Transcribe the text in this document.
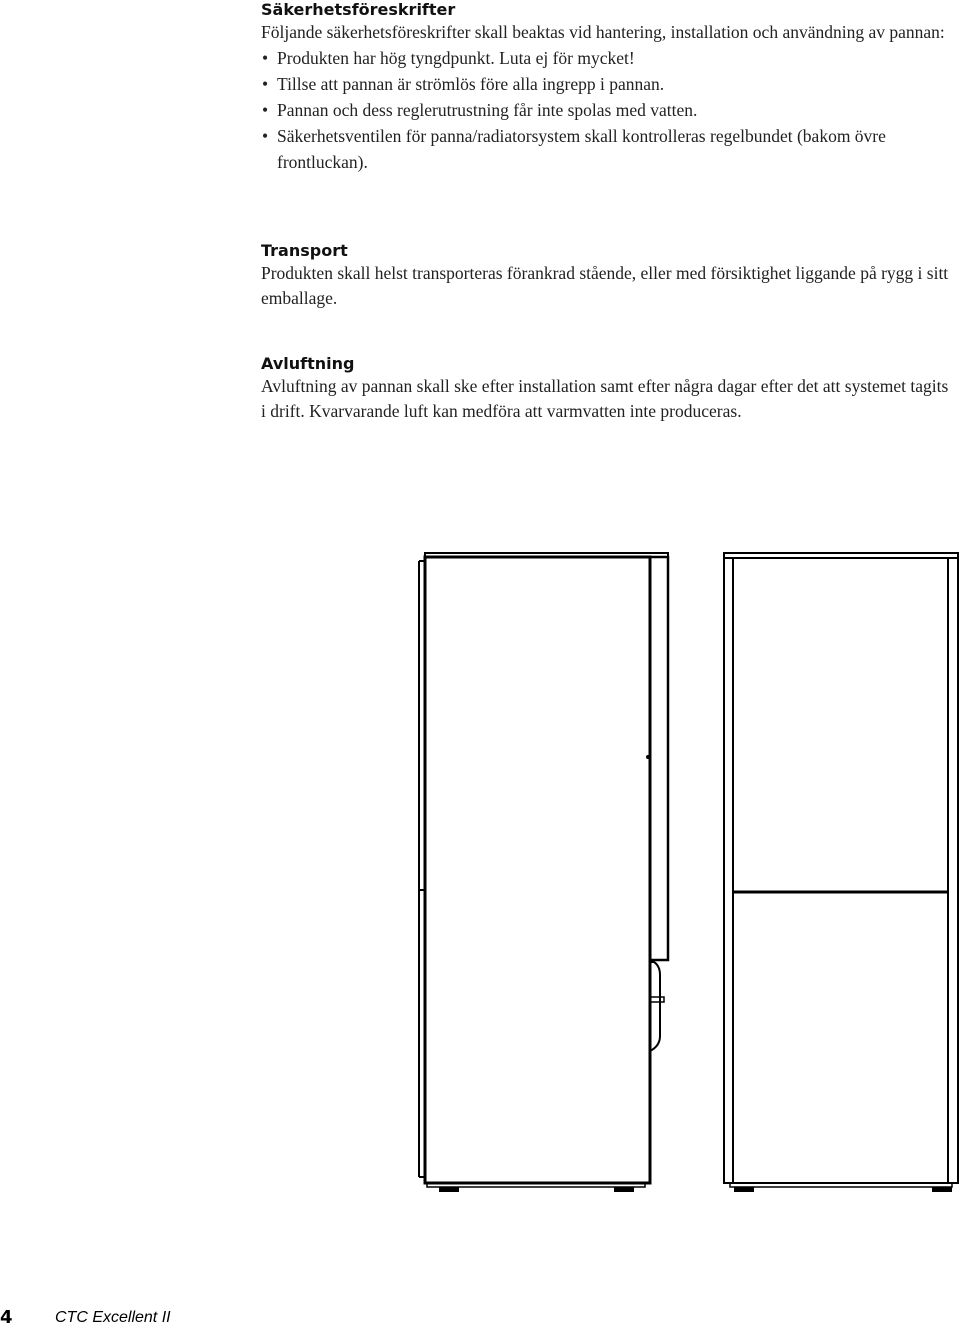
Säkerhetsföreskrifter

Följande säkerhetsföreskrifter skall beaktas vid hantering, installation och användning av pannan:

• Produkten har hög tyngdpunkt. Luta ej för mycket!
• Tillse att pannan är strömlös före alla ingrepp i pannan.
• Pannan och dess reglerutrustning får inte spolas med vatten.
• Säkerhetsventilen för panna/radiatorsystem skall kontrolleras regelbundet (bakom övre frontluckan).
Transport

Produkten skall helst transporteras förankrad stående, eller med försiktighet liggande på rygg i sitt emballage.

Avluftning

Avluftning av pannan skall ske efter installation samt efter några dagar efter det att systemet tagits i drift. Kvarvarande luft kan medföra att varmvatten inte produceras.

4	CTC Excellent II
